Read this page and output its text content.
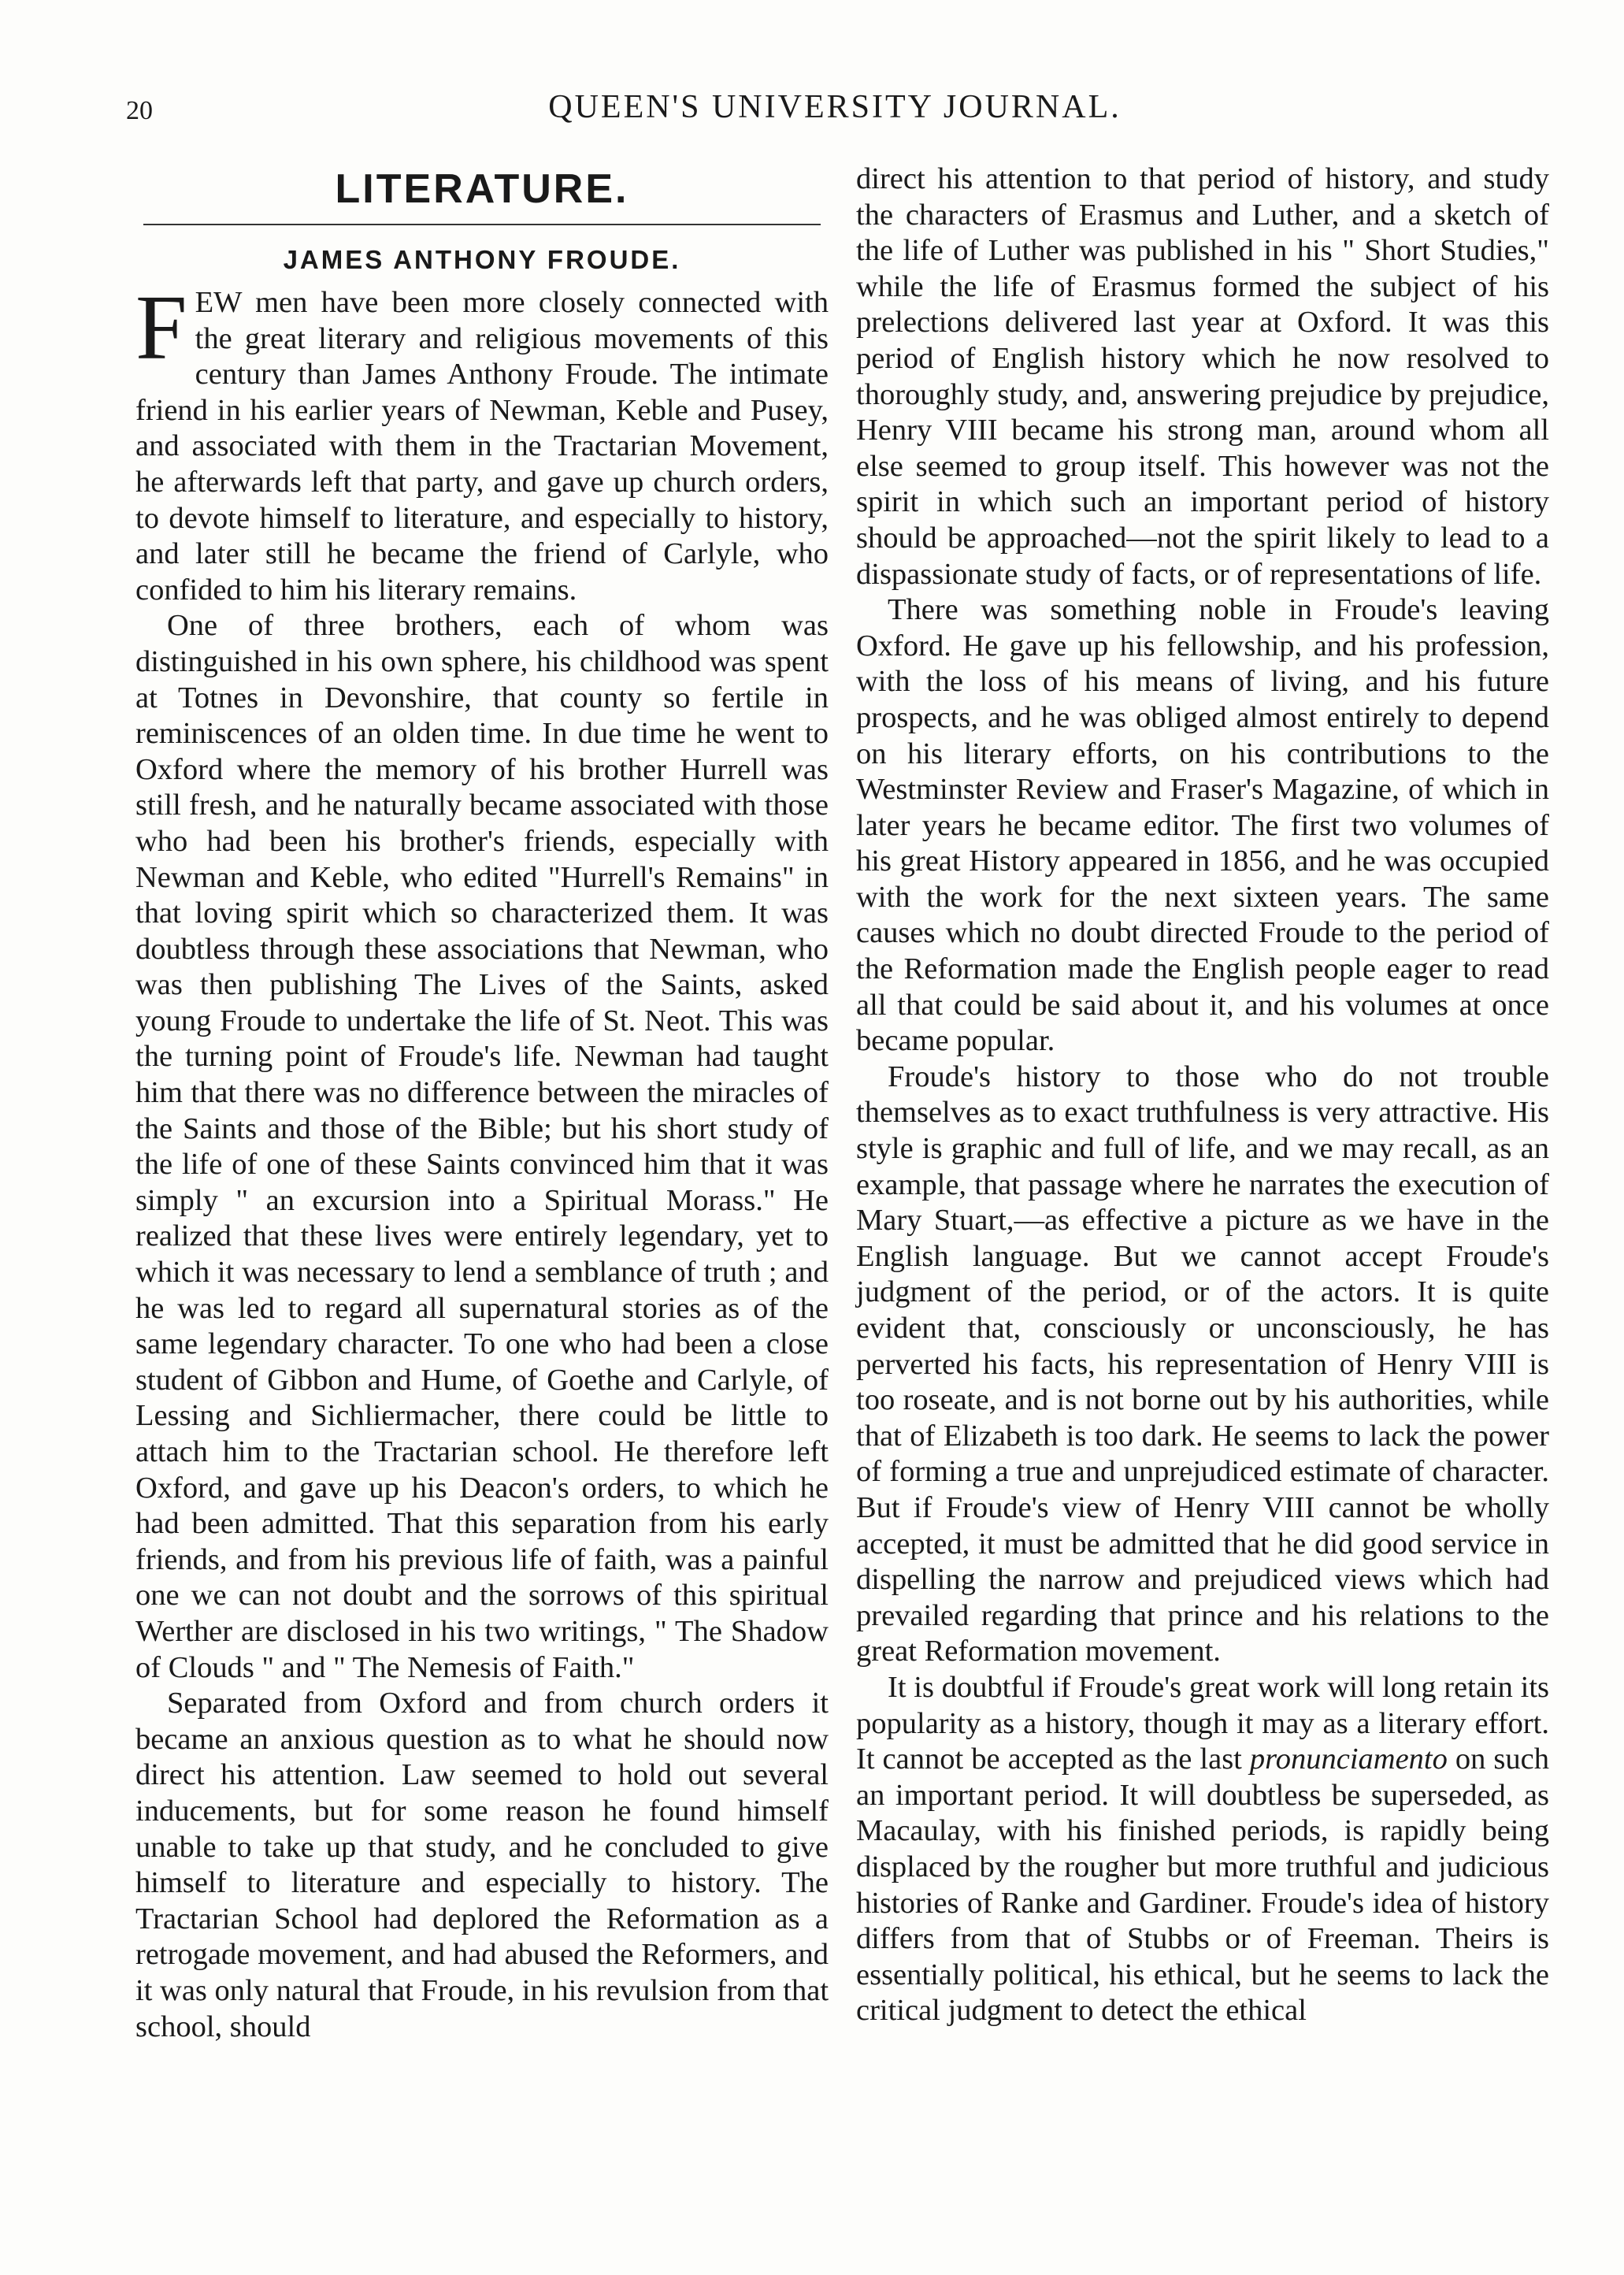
20	QUEEN'S UNIVERSITY JOURNAL.
LITERATURE.
JAMES ANTHONY FROUDE.

FEW men have been more closely connected with the great literary and religious movements of this century than James Anthony Froude. The intimate friend in his earlier years of Newman, Keble and Pusey, and associated with them in the Tractarian Movement, he afterwards left that party, and gave up church orders, to devote himself to literature, and especially to history, and later still he became the friend of Carlyle, who confided to him his literary remains.

One of three brothers, each of whom was distinguished in his own sphere, his childhood was spent at Totnes in Devonshire, that county so fertile in reminiscences of an olden time. In due time he went to Oxford where the memory of his brother Hurrell was still fresh, and he naturally became associated with those who had been his brother's friends, especially with Newman and Keble, who edited "Hurrell's Remains" in that loving spirit which so characterized them. It was doubtless through these associations that Newman, who was then publishing The Lives of the Saints, asked young Froude to undertake the life of St. Neot. This was the turning point of Froude's life. Newman had taught him that there was no difference between the miracles of the Saints and those of the Bible; but his short study of the life of one of these Saints convinced him that it was simply " an excursion into a Spiritual Morass." He realized that these lives were entirely legendary, yet to which it was necessary to lend a semblance of truth ; and he was led to regard all supernatural stories as of the same legendary character. To one who had been a close student of Gibbon and Hume, of Goethe and Carlyle, of Lessing and Sichliermacher, there could be little to attach him to the Tractarian school. He therefore left Oxford, and gave up his Deacon's orders, to which he had been admitted. That this separation from his early friends, and from his previous life of faith, was a painful one we can not doubt and the sorrows of this spiritual Werther are disclosed in his two writings, " The Shadow of Clouds " and " The Nemesis of Faith."

Separated from Oxford and from church orders it became an anxious question as to what he should now direct his attention. Law seemed to hold out several inducements, but for some reason he found himself unable to take up that study, and he concluded to give himself to literature and especially to history. The Tractarian School had deplored the Reformation as a retrogade movement, and had abused the Reformers, and it was only natural that Froude, in his revulsion from that school, should

direct his attention to that period of history, and study the characters of Erasmus and Luther, and a sketch of the life of Luther was published in his " Short Studies," while the life of Erasmus formed the subject of his prelections delivered last year at Oxford. It was this period of English history which he now resolved to thoroughly study, and, answering prejudice by prejudice, Henry VIII became his strong man, around whom all else seemed to group itself. This however was not the spirit in which such an important period of history should be approached—not the spirit likely to lead to a dispassionate study of facts, or of representations of life.

There was something noble in Froude's leaving Oxford. He gave up his fellowship, and his profession, with the loss of his means of living, and his future prospects, and he was obliged almost entirely to depend on his literary efforts, on his contributions to the Westminster Review and Fraser's Magazine, of which in later years he became editor. The first two volumes of his great History appeared in 1856, and he was occupied with the work for the next sixteen years. The same causes which no doubt directed Froude to the period of the Reformation made the English people eager to read all that could be said about it, and his volumes at once became popular.

Froude's history to those who do not trouble themselves as to exact truthfulness is very attractive. His style is graphic and full of life, and we may recall, as an example, that passage where he narrates the execution of Mary Stuart,—as effective a picture as we have in the English language. But we cannot accept Froude's judgment of the period, or of the actors. It is quite evident that, consciously or unconsciously, he has perverted his facts, his representation of Henry VIII is too roseate, and is not borne out by his authorities, while that of Elizabeth is too dark. He seems to lack the power of forming a true and unprejudiced estimate of character. But if Froude's view of Henry VIII cannot be wholly accepted, it must be admitted that he did good service in dispelling the narrow and prejudiced views which had prevailed regarding that prince and his relations to the great Reformation movement.

It is doubtful if Froude's great work will long retain its popularity as a history, though it may as a literary effort. It cannot be accepted as the last pronunciamento on such an important period. It will doubtless be superseded, as Macaulay, with his finished periods, is rapidly being displaced by the rougher but more truthful and judicious histories of Ranke and Gardiner. Froude's idea of history differs from that of Stubbs or of Freeman. Theirs is essentially political, his ethical, but he seems to lack the critical judgment to detect the ethical
